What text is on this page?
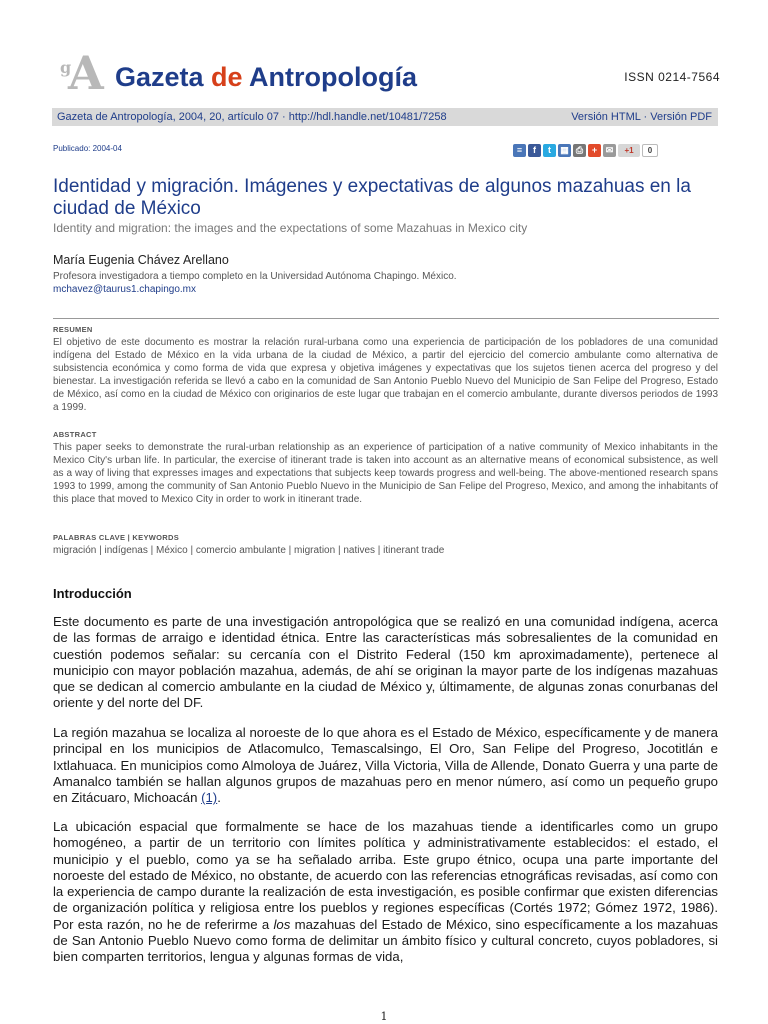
g
A Gazeta de Antropología	ISSN 0214-7564
Gazeta de Antropología, 2004, 20, artículo 07 · http://hdl.handle.net/10481/7258	Versión HTML · Versión PDF
Publicado: 2004-04	≡	f	t	▦ ⎙ + ✉	+1	0
Identidad y migración. Imágenes y expectativas de algunos mazahuas en la ciudad de México
Identity and migration: the images and the expectations of some Mazahuas in Mexico city
María Eugenia Chávez Arellano
Profesora investigadora a tiempo completo en la Universidad Autónoma Chapingo. México.
mchavez@taurus1.chapingo.mx
RESUMEN

El objetivo de este documento es mostrar la relación rural-urbana como una experiencia de participación de los pobladores de una comunidad indígena del Estado de México en la vida urbana de la ciudad de México, a partir del ejercicio del comercio ambulante como alternativa de subsistencia económica y como forma de vida que expresa y objetiva imágenes y expectativas que los sujetos tienen acerca del progreso y del bienestar. La investigación referida se llevó a cabo en la comunidad de San Antonio Pueblo Nuevo del Municipio de San Felipe del Progreso, Estado de México, así como en la ciudad de México con originarios de este lugar que trabajan en el comercio ambulante, durante diversos periodos de 1993 a 1999.

ABSTRACT

This paper seeks to demonstrate the rural-urban relationship as an experience of participation of a native community of Mexico inhabitants in the Mexico City's urban life. In particular, the exercise of itinerant trade is taken into account as an alternative means of economical subsistence, as well as a way of living that expresses images and expectations that subjects keep towards progress and well-being. The above-mentioned research spans 1993 to 1999, among the community of San Antonio Pueblo Nuevo in the Municipio de San Felipe del Progreso, Mexico, and among the inhabitants of this place that moved to Mexico City in order to work in itinerant trade.

PALABRAS CLAVE | KEYWORDS

migración | indígenas | México | comercio ambulante | migration | natives | itinerant trade

Introducción

Este documento es parte de una investigación antropológica que se realizó en una comunidad indígena, acerca de las formas de arraigo e identidad étnica. Entre las características más sobresalientes de la comunidad en cuestión podemos señalar: su cercanía con el Distrito Federal (150 km aproximadamente), pertenece al municipio con mayor población mazahua, además, de ahí se originan la mayor parte de los indígenas mazahuas que se dedican al comercio ambulante en la ciudad de México y, últimamente, de algunas zonas conurbanas del oriente y del norte del DF.

La región mazahua se localiza al noroeste de lo que ahora es el Estado de México, específicamente y de manera principal en los municipios de Atlacomulco, Temascalsingo, El Oro, San Felipe del Progreso, Jocotitlán e Ixtlahuaca. En municipios como Almoloya de Juárez, Villa Victoria, Villa de Allende, Donato Guerra y una parte de Amanalco también se hallan algunos grupos de mazahuas pero en menor número, así como un pequeño grupo en Zitácuaro, Michoacán (1).

La ubicación espacial que formalmente se hace de los mazahuas tiende a identificarles como un grupo homogéneo, a partir de un territorio con límites política y administrativamente establecidos: el estado, el municipio y el pueblo, como ya se ha señalado arriba. Este grupo étnico, ocupa una parte importante del noroeste del estado de México, no obstante, de acuerdo con las referencias etnográficas revisadas, así como con la experiencia de campo durante la realización de esta investigación, es posible confirmar que existen diferencias de organización política y religiosa entre los pueblos y regiones específicas (Cortés 1972; Gómez 1972, 1986). Por esta razón, no he de referirme a los mazahuas del Estado de México, sino específicamente a los mazahuas de San Antonio Pueblo Nuevo como forma de delimitar un ámbito físico y cultural concreto, cuyos pobladores, si bien comparten territorios, lengua y algunas formas de vida,

1
